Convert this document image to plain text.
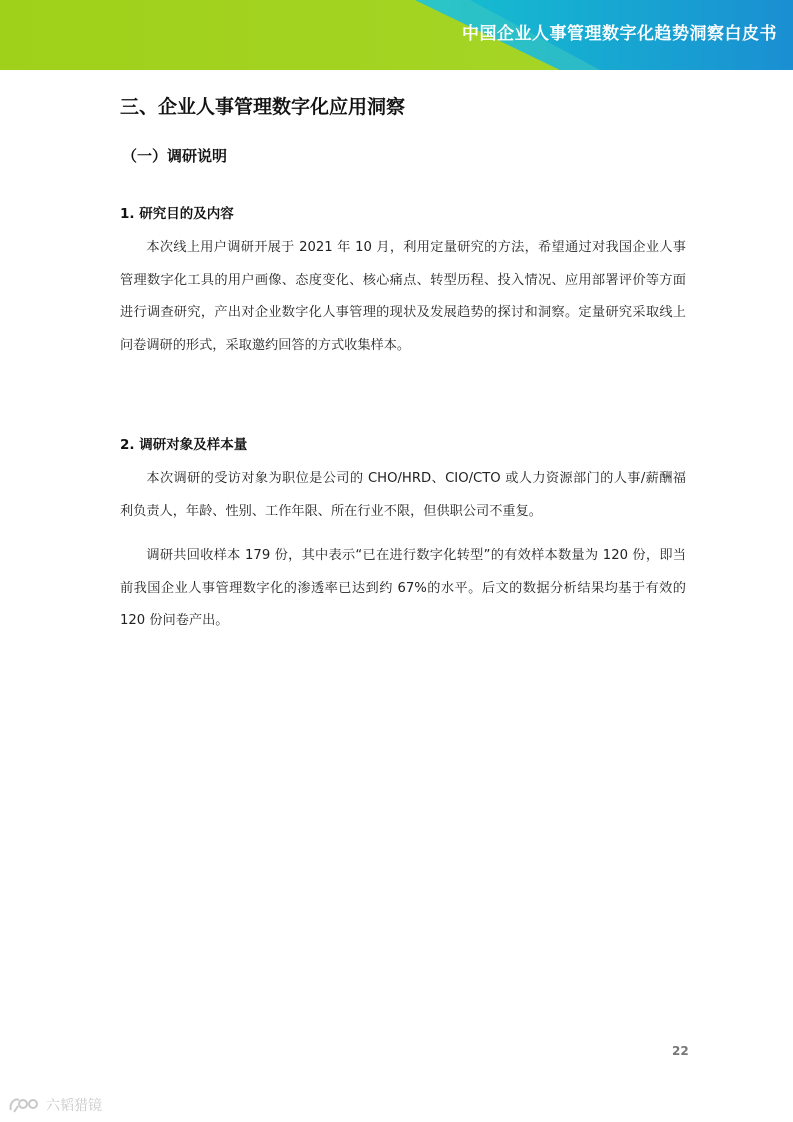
中国企业人事管理数字化趋势洞察白皮书
三、企业人事管理数字化应用洞察
（一）调研说明
1. 研究目的及内容

本次线上用户调研开展于 2021 年 10 月，利用定量研究的方法，希望通过对我国企业人事管理数字化工具的用户画像、态度变化、核心痛点、转型历程、投入情况、应用部署评价等方面进行调查研究，产出对企业数字化人事管理的现状及发展趋势的探讨和洞察。定量研究采取线上问卷调研的形式，采取邀约回答的方式收集样本。

2. 调研对象及样本量

本次调研的受访对象为职位是公司的 CHO/HRD、CIO/CTO 或人力资源部门的人事/薪酬福利负责人，年龄、性别、工作年限、所在行业不限，但供职公司不重复。

调研共回收样本 179 份，其中表示“已在进行数字化转型”的有效样本数量为 120 份，即当前我国企业人事管理数字化的渗透率已达到约 67%的水平。后文的数据分析结果均基于有效的 120 份问卷产出。

22
六韬猎镜
